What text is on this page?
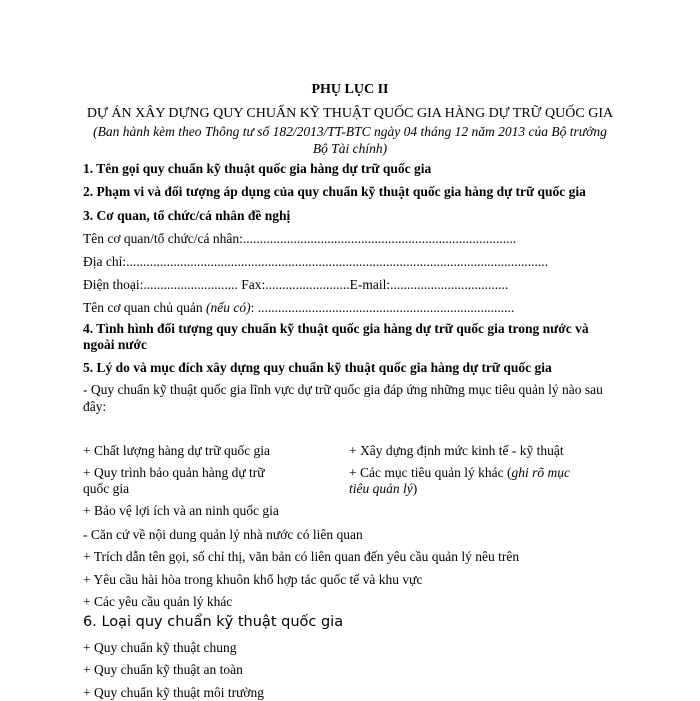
PHỤ LỤC II
DỰ ÁN XÂY DỰNG QUY CHUẨN KỸ THUẬT QUỐC GIA HÀNG DỰ TRỮ QUỐC GIA
(Ban hành kèm theo Thông tư số 182/2013/TT-BTC ngày 04 tháng 12 năm 2013 của Bộ trưởng
Bộ Tài chính)
1. Tên gọi quy chuẩn kỹ thuật quốc gia hàng dự trữ quốc gia
2. Phạm vi và đối tượng áp dụng của quy chuẩn kỹ thuật quốc gia hàng dự trữ quốc gia
3. Cơ quan, tổ chức/cá nhân đề nghị
Tên cơ quan/tổ chức/cá nhân:.................................................................................
Địa chỉ:.............................................................................................................................
Điện thoại:............................ Fax:.........................E-mail:...................................
Tên cơ quan chủ quản (nếu có): ............................................................................
4. Tình hình đối tượng quy chuẩn kỹ thuật quốc gia hàng dự trữ quốc gia trong nước và
ngoài nước
5. Lý do và mục đích xây dựng quy chuẩn kỹ thuật quốc gia hàng dự trữ quốc gia
- Quy chuẩn kỹ thuật quốc gia lĩnh vực dự trữ quốc gia đáp ứng những mục tiêu quản lý nào sau
đây:
+ Chất lượng hàng dự trữ quốc gia	+ Xây dựng định mức kinh tế - kỹ thuật
+ Quy trình bảo quản hàng dự trữ
quốc gia
+ Các mục tiêu quản lý khác (ghi rõ mục
tiêu quản lý)
+ Bảo vệ lợi ích và an ninh quốc gia
- Căn cứ về nội dung quản lý nhà nước có liên quan
+ Trích dẫn tên gọi, số chỉ thị, văn bản có liên quan đến yêu cầu quản lý nêu trên
+ Yêu cầu hài hòa trong khuôn khổ hợp tác quốc tế và khu vực
+ Các yêu cầu quản lý khác
6. Loại quy chuẩn kỹ thuật quốc gia
+ Quy chuẩn kỹ thuật chung
+ Quy chuẩn kỹ thuật an toàn
+ Quy chuẩn kỹ thuật môi trường
